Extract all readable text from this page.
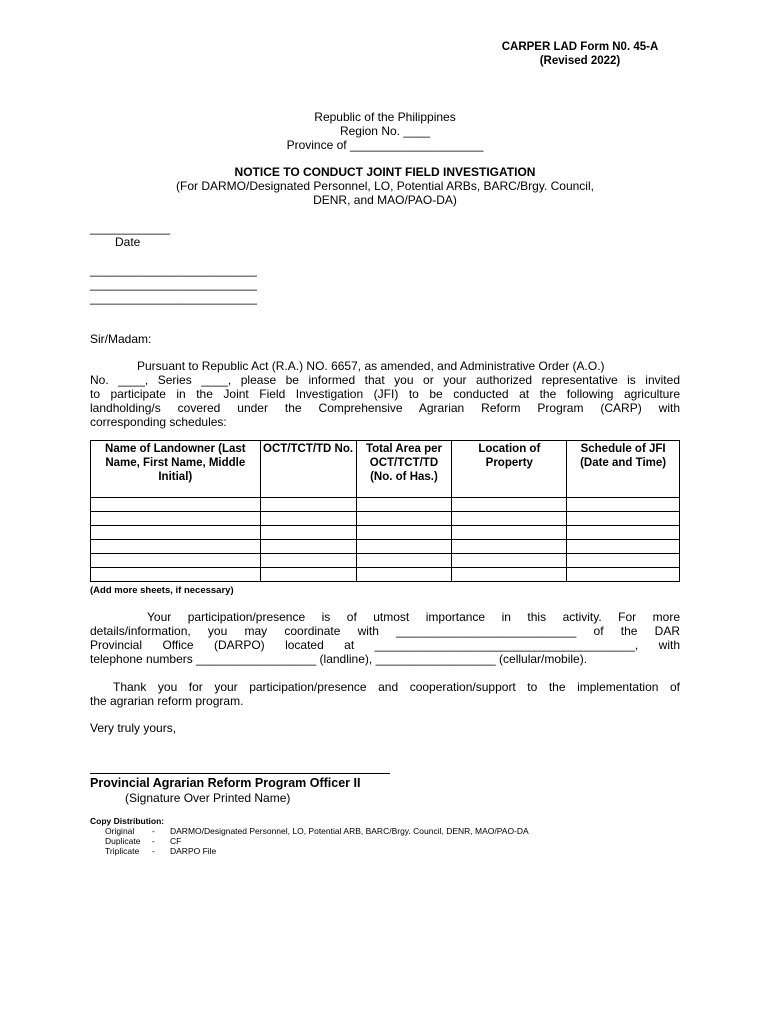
CARPER LAD Form N0. 45-A
(Revised 2022)
Republic of the Philippines
Region No. ____
Province of ____________________
NOTICE TO CONDUCT JOINT FIELD INVESTIGATION
(For DARMO/Designated Personnel, LO, Potential ARBs, BARC/Brgy. Council,
DENR, and MAO/PAO-DA)
____________
Date
_________________________
_________________________
_________________________
Sir/Madam:
Pursuant to Republic Act (R.A.) NO. 6657, as amended, and Administrative Order (A.O.)
No. ____, Series ____, please be informed that you or your authorized representative is invited
to participate in the Joint Field Investigation (JFI) to be conducted at the following agriculture
landholding/s covered under the Comprehensive Agrarian Reform Program (CARP) with
corresponding schedules:
Name of Landowner (Last Name, First Name, Middle Initial)	OCT/TCT/TD No.	Total Area per OCT/TCT/TD (No. of Has.)	Location of Property	Schedule of JFI (Date and Time)

(Add more sheets, if necessary)
Your participation/presence is of utmost importance in this activity. For more
details/information, you may coordinate with ___________________________ of the DAR
Provincial Office (DARPO) located at _______________________________________, with
telephone numbers __________________ (landline), __________________ (cellular/mobile).
Thank you for your participation/presence and cooperation/support to the implementation of
the agrarian reform program.
Very truly yours,
Provincial Agrarian Reform Program Officer II
(Signature Over Printed Name)
Copy Distribution:
Original - DARMO/Designated Personnel, LO, Potential ARB, BARC/Brgy. Council, DENR, MAO/PAO-DA
Duplicate - CF
Triplicate - DARPO File
